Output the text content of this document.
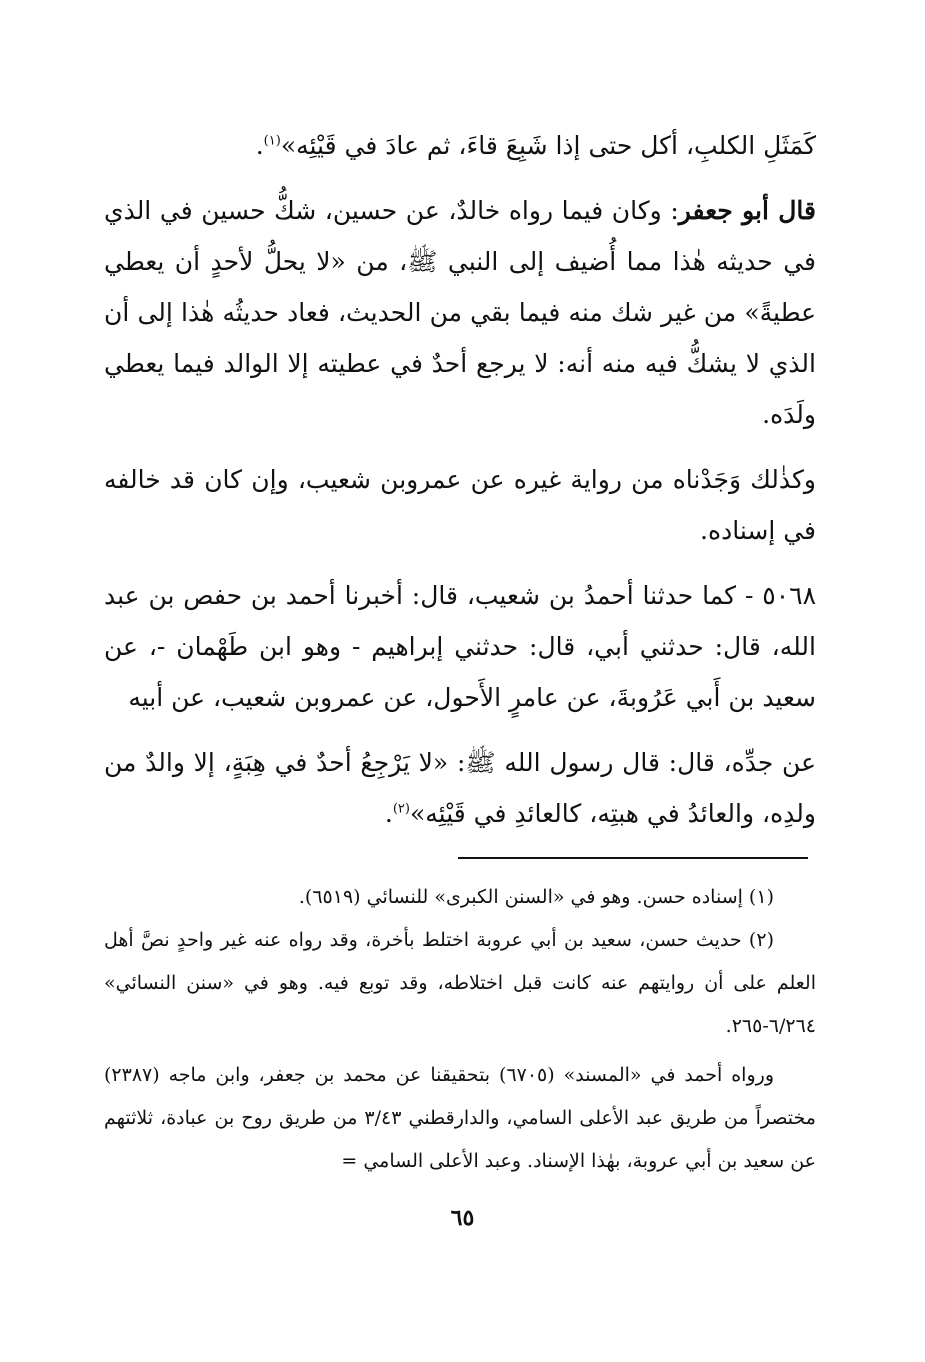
كَمَثَلِ الكلبِ، أكل حتى إذا شَبِعَ قاءَ، ثم عادَ في قَيْئِه»$^{(١)}$.

قال أبو جعفر: وكان فيما رواه خالدٌ، عن حسين، شكُّ حسين في الذي في حديثه هٰذا مما أُضيف إلى النبي ﷺ، من «لا يحلُّ لأحدٍ أن يعطي عطيةً» من غير شك منه فيما بقي من الحديث، فعاد حديثُه هٰذا إلى أن الذي لا يشكُّ فيه منه أنه: لا يرجع أحدٌ في عطيته إلا الوالد فيما يعطي ولَدَه.

وكذٰلك وَجَدْناه من رواية غيره عن عمروبن شعيب، وإن كان قد خالفه في إسناده.

٥٠٦٨ - كما حدثنا أحمدُ بن شعيب، قال: أخبرنا أحمد بن حفص بن عبد الله، قال: حدثني أبي، قال: حدثني إبراهيم - وهو ابن طَهْمان -، عن سعيد بن أَبي عَرُوبةَ، عن عامرٍ الأَحول، عن عمروبن شعيب، عن أبيه

عن جدِّه، قال: قال رسول الله ﷺ: «لا يَرْجِعُ أحدٌ في هِبَةٍ، إلا والدٌ من ولدِه، والعائدُ في هبتِه، كالعائدِ في قَيْئِه»$^{(٢)}$.

(١) إسناده حسن. وهو في «السنن الكبرى» للنسائي (٦٥١٩).

(٢) حديث حسن، سعيد بن أبي عروبة اختلط بأخرة، وقد رواه عنه غير واحدٍ نصَّ أهل العلم على أن روايتهم عنه كانت قبل اختلاطه، وقد توبع فيه. وهو في «سنن النسائي» ٦/٢٦٤-٢٦٥.

ورواه أحمد في «المسند» (٦٧٠٥) بتحقيقنا عن محمد بن جعفر، وابن ماجه (٢٣٨٧) مختصراً من طريق عبد الأعلى السامي، والدارقطني ٣/٤٣ من طريق روح بن عبادة، ثلاثتهم عن سعيد بن أبي عروبة، بهٰذا الإسناد. وعبد الأعلى السامي =

٦٥
